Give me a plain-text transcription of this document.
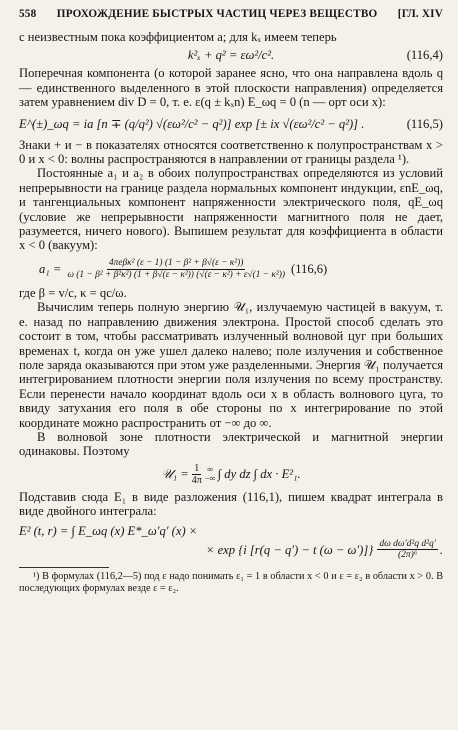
558	ПРОХОЖДЕНИЕ БЫСТРЫХ ЧАСТИЦ ЧЕРЕЗ ВЕЩЕСТВО	[ГЛ. XIV

с неизвестным пока коэффициентом a; для kₓ имеем теперь

k²ₓ + q² = εω²/c².	(116,4)

Поперечная компонента (о которой заранее ясно, что она направлена вдоль q — единственного выделенного в этой плоскости направления) определяется затем уравнением div D = 0, т. е. ε(q ± kₓn) E_ωq = 0 (n — орт оси x):

E^(±)_ωq = ia [n ∓ (q/q²) √(εω²/c² − q²)] exp [± ix √(εω²/c² − q²)] .	(116,5)

Знаки + и − в показателях относятся соответственно к полупространствам x > 0 и x < 0: волны распространяются в направлении от границы раздела ¹).

Постоянные a₁ и a₂ в обоих полупространствах определяются из условий непрерывности на границе раздела нормальных компонент индукции, εnE_ωq, и тангенциальных компонент напряженности электрического поля, qE_ωq (условие же непрерывности напряженности магнитного поля не дает, разумеется, ничего нового). Выпишем результат для коэффициента в области x < 0 (вакуум):

a₁ =	4πeβκ² (ε − 1) (1 − β² + β√(ε − κ²))
ω (1 − β² + β²κ²) (1 + β√(ε − κ²)) (√(ε − κ²) + ε√(1 − κ²)) (116,6)

где β = v/c, κ = qc/ω.

Вычислим теперь полную энергию 𝒰₁, излучаемую частицей в вакуум, т. е. назад по направлению движения электрона. Простой способ сделать это состоит в том, чтобы рассматривать излученный волновой цуг при больших временах t, когда он уже ушел далеко налево; поле излучения и собственное поле заряда оказываются при этом уже разделенными. Энергия 𝒰₁ получается интегрированием плотности энергии поля излучения по всему пространству. Если перенести начало координат вдоль оси x в область волнового цуга, то ввиду затухания его поля в обе стороны по x интегрирование по этой координате можно распространить от −∞ до ∞.

В волновой зоне плотности электрической и магнитной энергии одинаковы. Поэтому

𝒰₁ = $\frac{1}{4\pi}$ ∞
−∞ ∫ dy dz ∫ dx · E²₁.

Подставив сюда E₁ в виде разложения (116,1), пишем квадрат интеграла в виде двойного интеграла:

E² (t, r) = ∫ E_ωq (x) E*_ω′q′ (x) ×
× exp {i [r(q − q′) − t $(\omega - \omega')]\} \frac{\text{dω dω′d²q d²q′}}{\text{(2π)⁶}}$ .

¹) В формулах (116,2—5) под ε надо понимать ε₁ = 1 в области x < 0 и ε = ε₂ в области x > 0. В последующих формулах везде ε = ε₂.
